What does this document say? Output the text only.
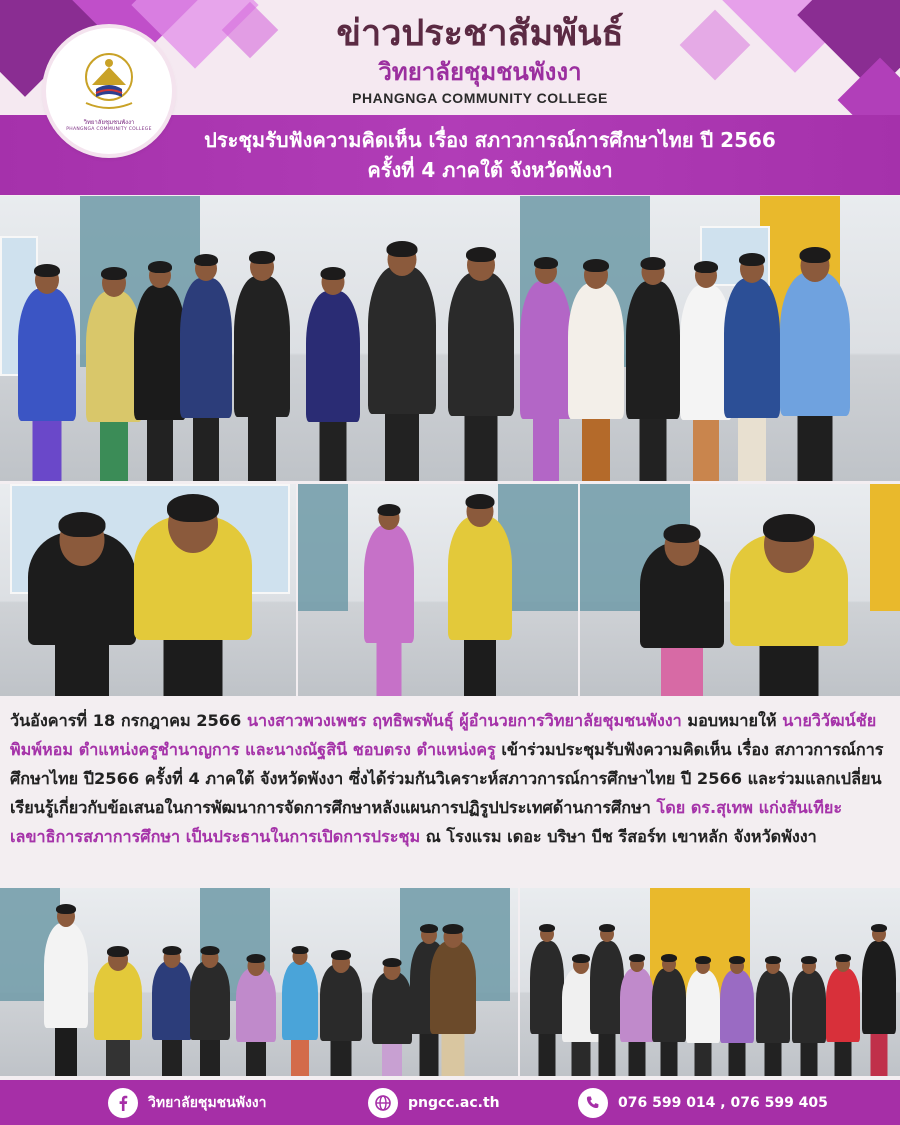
ข่าวประชาสัมพันธ์
วิทยาลัยชุมชนพังงา
PHANGNGA COMMUNITY COLLEGE
วิทยาลัยชุมชนพังงา
PHANGNGA COMMUNITY COLLEGE	ประชุมรับฟังความคิดเห็น เรื่อง สภาวการณ์การศึกษาไทย ปี 2566
ครั้งที่ 4 ภาคใต้ จังหวัดพังงา
วันอังคารที่ 18 กรกฎาคม 2566 นางสาวพวงเพชร ฤทธิพรพันธุ์ ผู้อำนวยการวิทยาลัยชุมชนพังงา มอบหมายให้ นายวิวัฒน์ชัย พิมพ์หอม ตำแหน่งครูชำนาญการ และนางณัฐสินี ชอบตรง ตำแหน่งครู เข้าร่วมประชุมรับฟังความคิดเห็น เรื่อง สภาวการณ์การศึกษาไทย ปี2566 ครั้งที่ 4 ภาคใต้ จังหวัดพังงา ซึ่งได้ร่วมกันวิเคราะห์สภาวการณ์การศึกษาไทย ปี 2566 และร่วมแลกเปลี่ยนเรียนรู้เกี่ยวกับข้อเสนอในการพัฒนาการจัดการศึกษาหลังแผนการปฏิรูปประเทศด้านการศึกษา โดย ดร.สุเทพ แก่งสันเทียะ เลขาธิการสภาการศึกษา เป็นประธานในการเปิดการประชุม ณ โรงแรม เดอะ บริษา บีช รีสอร์ท เขาหลัก จังหวัดพังงา
วิทยาลัยชุมชนพังงา	pngcc.ac.th	076 599 014 , 076 599 405
